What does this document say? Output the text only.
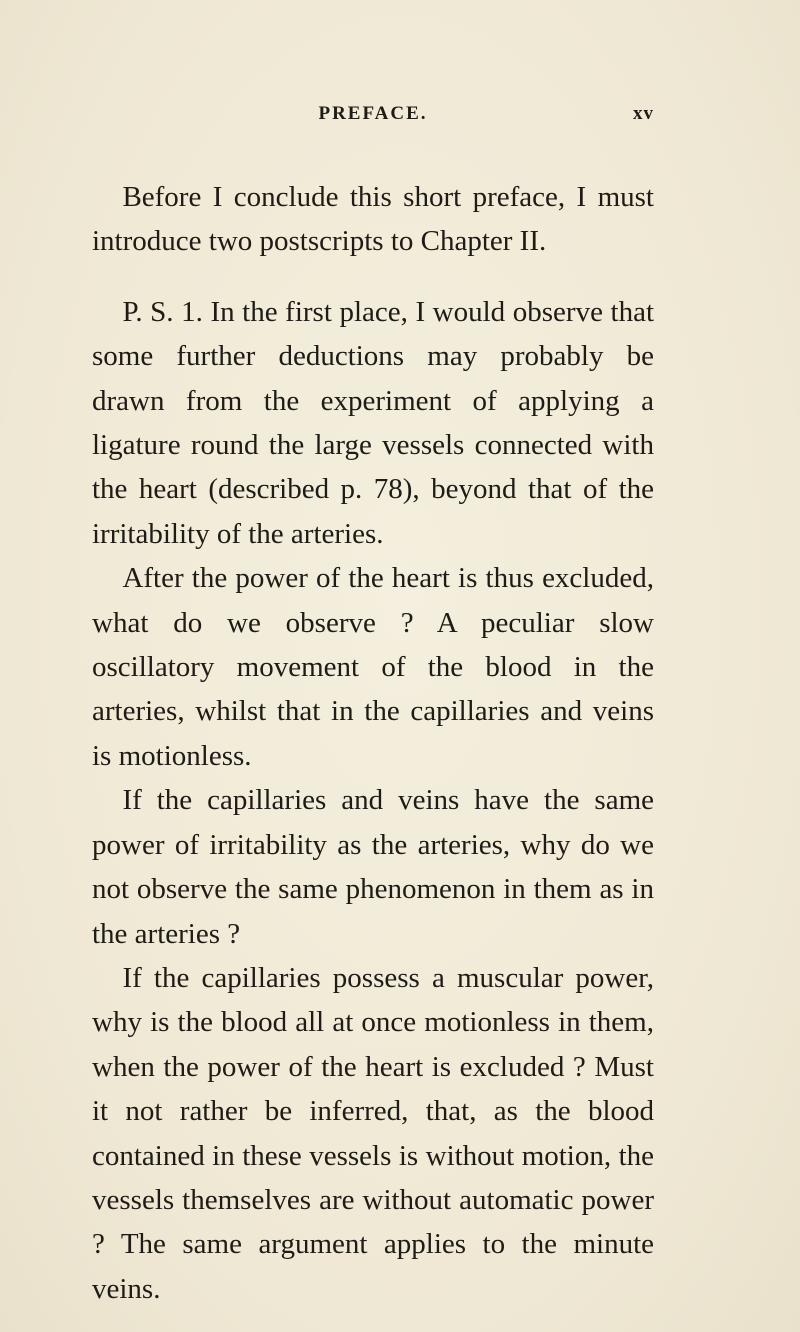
PREFACE.	xv

Before I conclude this short preface, I must introduce two postscripts to Chapter II.

P. S. 1. In the first place, I would observe that some further deductions may probably be drawn from the experiment of applying a ligature round the large vessels connected with the heart (described p. 78), beyond that of the irritability of the arteries.

After the power of the heart is thus excluded, what do we observe ? A peculiar slow oscillatory movement of the blood in the arteries, whilst that in the capillaries and veins is motionless.

If the capillaries and veins have the same power of irritability as the arteries, why do we not observe the same phenomenon in them as in the arteries ?

If the capillaries possess a muscular power, why is the blood all at once motionless in them, when the power of the heart is excluded ? Must it not rather be inferred, that, as the blood contained in these vessels is without motion, the vessels themselves are without automatic power ? The same argument applies to the minute veins.
